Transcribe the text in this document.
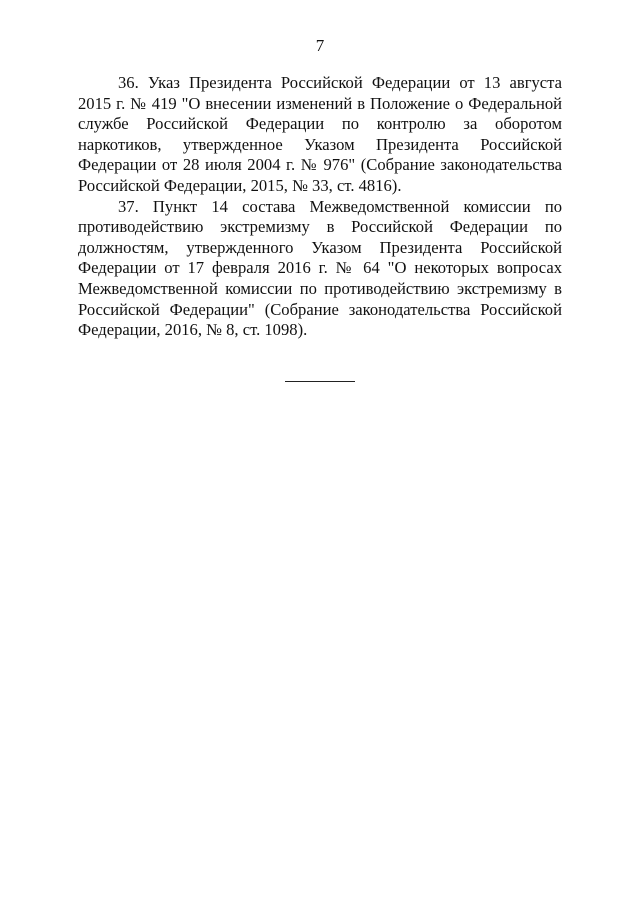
7

36. Указ Президента Российской Федерации от 13 августа 2015 г. № 419 "О внесении изменений в Положение о Федеральной службе Российской Федерации по контролю за оборотом наркотиков, утвержденное Указом Президента Российской Федерации от 28 июля 2004 г. № 976" (Собрание законодательства Российской Федерации, 2015, № 33, ст. 4816).

37. Пункт 14 состава Межведомственной комиссии по противодействию экстремизму в Российской Федерации по должностям, утвержденного Указом Президента Российской Федерации от 17 февраля 2016 г. № 64 "О некоторых вопросах Межведомственной комиссии по противодействию экстремизму в Российской Федерации" (Собрание законодательства Российской Федерации, 2016, № 8, ст. 1098).
